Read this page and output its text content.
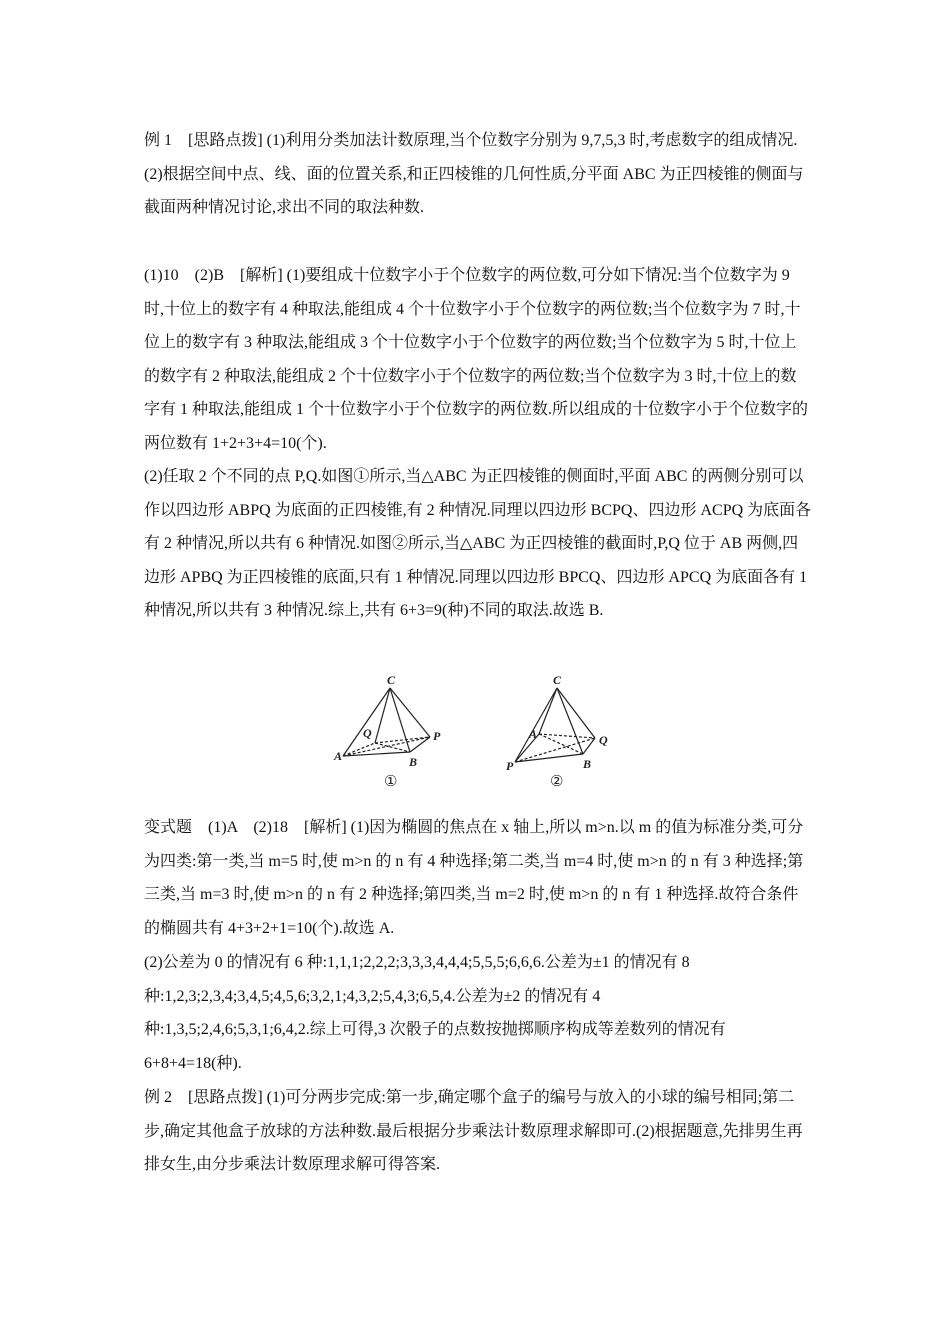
例 1　[思路点拨] (1)利用分类加法计数原理,当个位数字分别为 9,7,5,3 时,考虑数字的组成情况.(2)根据空间中点、线、面的位置关系,和正四棱锥的几何性质,分平面 ABC 为正四棱锥的侧面与截面两种情况讨论,求出不同的取法种数.
(1)10　(2)B　[解析] (1)要组成十位数字小于个位数字的两位数,可分如下情况:当个位数字为 9 时,十位上的数字有 4 种取法,能组成 4 个十位数字小于个位数字的两位数;当个位数字为 7 时,十位上的数字有 3 种取法,能组成 3 个十位数字小于个位数字的两位数;当个位数字为 5 时,十位上的数字有 2 种取法,能组成 2 个十位数字小于个位数字的两位数;当个位数字为 3 时,十位上的数字有 1 种取法,能组成 1 个十位数字小于个位数字的两位数.所以组成的十位数字小于个位数字的两位数有 1+2+3+4=10(个).
(2)任取 2 个不同的点 P,Q.如图①所示,当△ABC 为正四棱锥的侧面时,平面 ABC 的两侧分别可以作以四边形 ABPQ 为底面的正四棱锥,有 2 种情况.同理以四边形 BCPQ、四边形 ACPQ 为底面各有 2 种情况,所以共有 6 种情况.如图②所示,当△ABC 为正四棱锥的截面时,P,Q 位于 AB 两侧,四边形 APBQ 为正四棱锥的底面,只有 1 种情况.同理以四边形 BPCQ、四边形 APCQ 为底面各有 1 种情况,所以共有 3 种情况.综上,共有 6+3=9(种)不同的取法.故选 B.
C
Q	P
A	B
①
C
A	Q
P	B
②
变式题　(1)A　(2)18　[解析] (1)因为椭圆的焦点在 x 轴上,所以 m>n.以 m 的值为标准分类,可分为四类:第一类,当 m=5 时,使 m>n 的 n 有 4 种选择;第二类,当 m=4 时,使 m>n 的 n 有 3 种选择;第三类,当 m=3 时,使 m>n 的 n 有 2 种选择;第四类,当 m=2 时,使 m>n 的 n 有 1 种选择.故符合条件的椭圆共有 4+3+2+1=10(个).故选 A.
(2)公差为 0 的情况有 6 种:1,1,1;2,2,2;3,3,3,4,4,4;5,5,5;6,6,6.公差为±1 的情况有 8
种:1,2,3;2,3,4;3,4,5;4,5,6;3,2,1;4,3,2;5,4,3;6,5,4.公差为±2 的情况有 4
种:1,3,5;2,4,6;5,3,1;6,4,2.综上可得,3 次骰子的点数按抛掷顺序构成等差数列的情况有
6+8+4=18(种).
例 2　[思路点拨] (1)可分两步完成:第一步,确定哪个盒子的编号与放入的小球的编号相同;第二步,确定其他盒子放球的方法种数.最后根据分步乘法计数原理求解即可.(2)根据题意,先排男生再排女生,由分步乘法计数原理求解可得答案.
